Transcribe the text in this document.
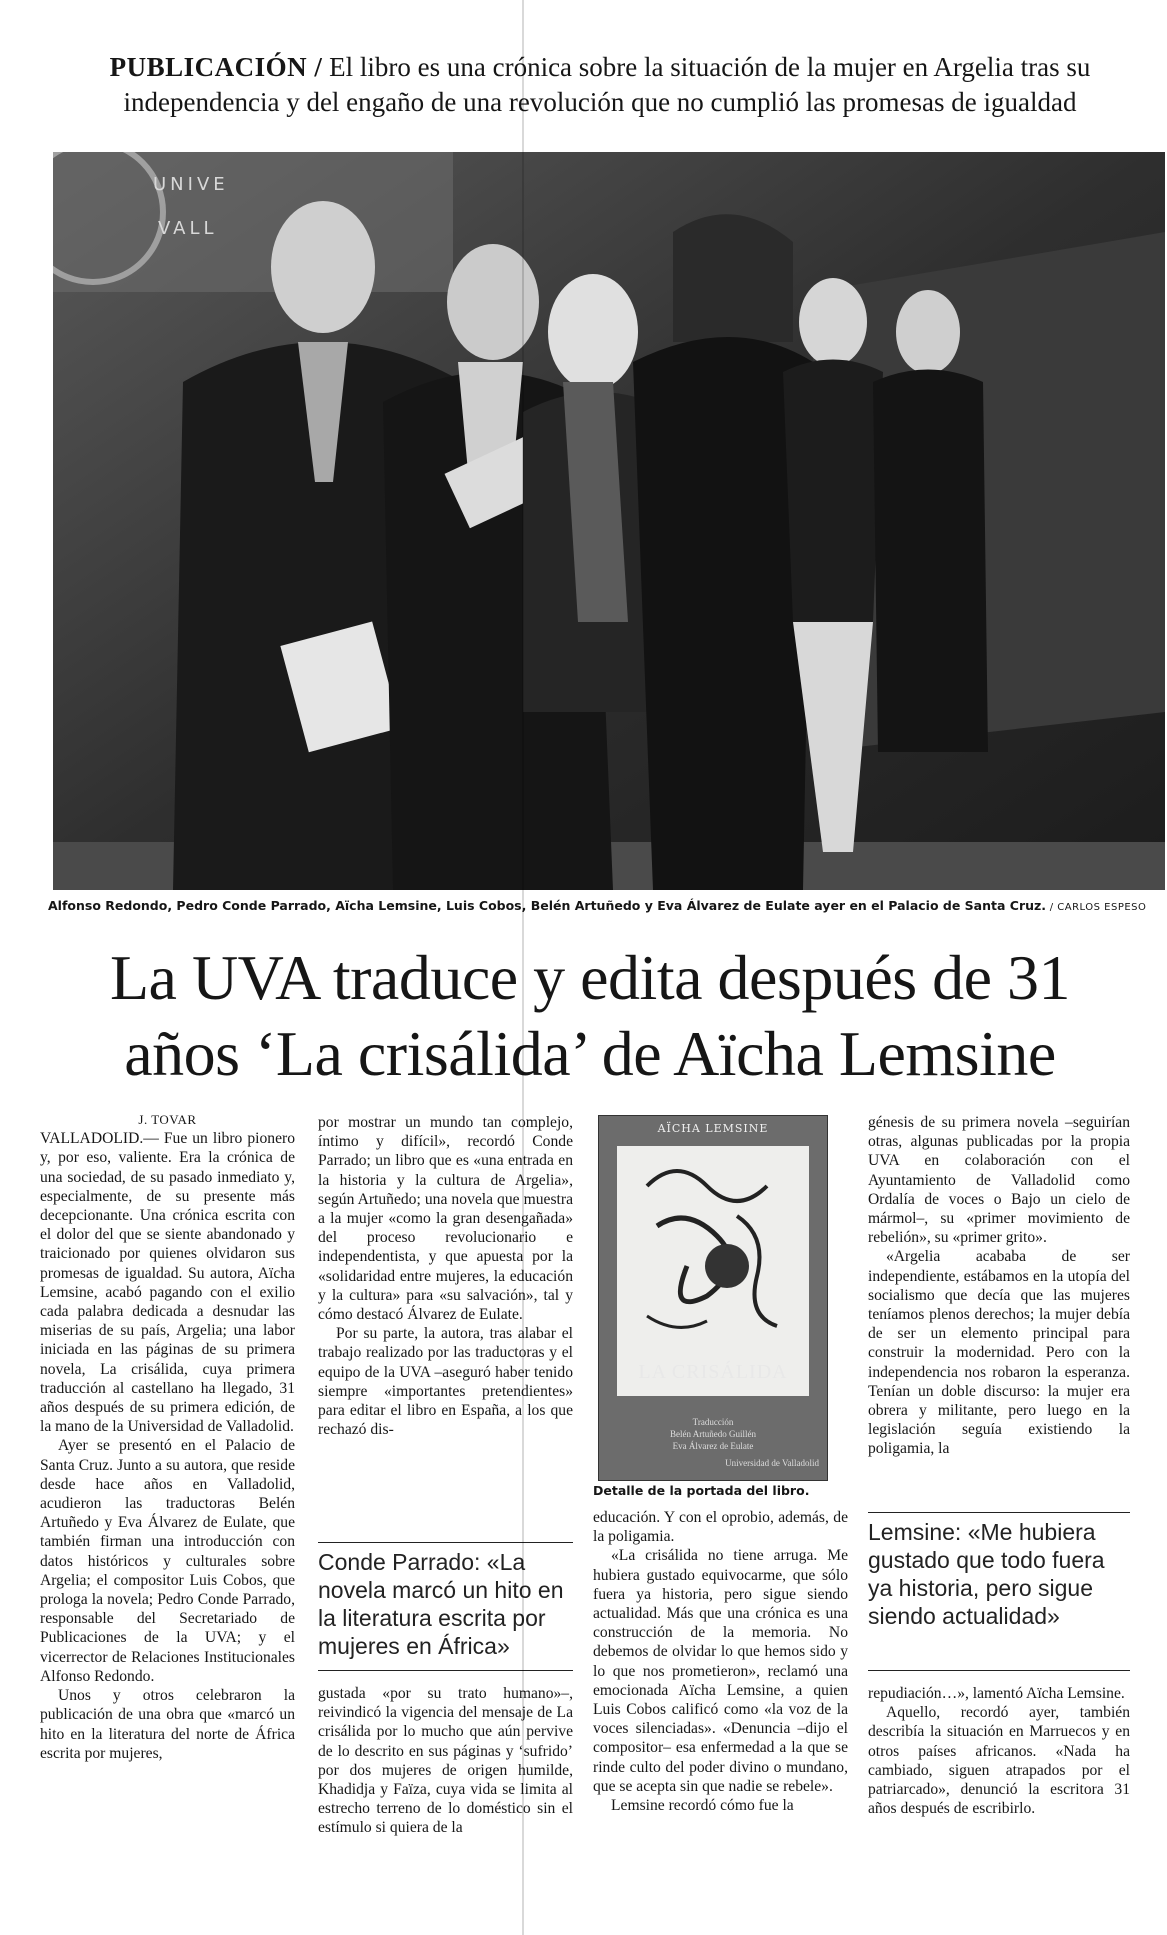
PUBLICACIÓN / El libro es una crónica sobre la situación de la mujer en Argelia tras su independencia y del engaño de una revolución que no cumplió las promesas de igualdad
UNIVE
VALL
Alfonso Redondo, Pedro Conde Parrado, Aïcha Lemsine, Luis Cobos, Belén Artuñedo y Eva Álvarez de Eulate ayer en el Palacio de Santa Cruz. / CARLOS ESPESO
La UVA traduce y edita después de 31
años ‘La crisálida’ de Aïcha Lemsine

J. TOVAR

VALLADOLID.— Fue un libro pionero y, por eso, valiente. Era la crónica de una sociedad, de su pasado inmediato y, especialmente, de su presente más decepcionante. Una crónica escrita con el dolor del que se siente abandonado y traicionado por quienes olvidaron sus promesas de igualdad. Su autora, Aïcha Lemsine, acabó pagando con el exilio cada palabra dedicada a desnudar las miserias de su país, Argelia; una labor iniciada en las páginas de su primera novela, La crisálida, cuya primera traducción al castellano ha llegado, 31 años después de su primera edición, de la mano de la Universidad de Valladolid.

Ayer se presentó en el Palacio de Santa Cruz. Junto a su autora, que reside desde hace años en Valladolid, acudieron las traductoras Belén Artuñedo y Eva Álvarez de Eulate, que también firman una introducción con datos históricos y culturales sobre Argelia; el compositor Luis Cobos, que prologa la novela; Pedro Conde Parrado, responsable del Secretariado de Publicaciones de la UVA; y el vicerrector de Relaciones Institucionales Alfonso Redondo.

Unos y otros celebraron la publicación de una obra que «marcó un hito en la literatura del norte de África escrita por mujeres,

por mostrar un mundo tan complejo, íntimo y difícil», recordó Conde Parrado; un libro que es «una entrada en la historia y la cultura de Argelia», según Artuñedo; una novela que muestra a la mujer «como la gran desengañada» del proceso revolucionario e independentista, y que apuesta por la «solidaridad entre mujeres, la educación y la cultura» para «su salvación», tal y cómo destacó Álvarez de Eulate.

Por su parte, la autora, tras alabar el trabajo realizado por las traductoras y el equipo de la UVA –aseguró haber tenido siempre «importantes pretendientes» para editar el libro en España, a los que rechazó dis-

Conde Parrado: «La novela marcó un hito en la literatura escrita por mujeres en África»

gustada «por su trato humano»–, reivindicó la vigencia del mensaje de La crisálida por lo mucho que aún pervive de lo descrito en sus páginas y ‘sufrido’ por dos mujeres de origen humilde, Khadidja y Faïza, cuya vida se limita al estrecho terreno de lo doméstico sin el estímulo si quiera de la

AÏCHA LEMSINE
LA CRISÁLIDA
Traducción
Belén Artuñedo Guillén
Eva Álvarez de Eulate
Universidad de Valladolid
Detalle de la portada del libro.

educación. Y con el oprobio, además, de la poligamia.

«La crisálida no tiene arruga. Me hubiera gustado equivocarme, que sólo fuera ya historia, pero sigue siendo actualidad. Más que una crónica es una construcción de la memoria. No debemos de olvidar lo que hemos sido y lo que nos prometieron», reclamó una emocionada Aïcha Lemsine, a quien Luis Cobos calificó como «la voz de la voces silenciadas». «Denuncia –dijo el compositor– esa enfermedad a la que se rinde culto del poder divino o mundano, que se acepta sin que nadie se rebele».

Lemsine recordó cómo fue la

génesis de su primera novela –seguirían otras, algunas publicadas por la propia UVA en colaboración con el Ayuntamiento de Valladolid como Ordalía de voces o Bajo un cielo de mármol–, su «primer movimiento de rebelión», su «primer grito».

«Argelia acababa de ser independiente, estábamos en la utopía del socialismo que decía que las mujeres teníamos plenos derechos; la mujer debía de ser un elemento principal para construir la modernidad. Pero con la independencia nos robaron la esperanza. Tenían un doble discurso: la mujer era obrera y militante, pero luego en la legislación seguía existiendo la poligamia, la

Lemsine: «Me hubiera gustado que todo fuera ya historia, pero sigue siendo actualidad»

repudiación…», lamentó Aïcha Lemsine.

Aquello, recordó ayer, también describía la situación en Marruecos y en otros países africanos. «Nada ha cambiado, siguen atrapados por el patriarcado», denunció la escritora 31 años después de escribirlo.
